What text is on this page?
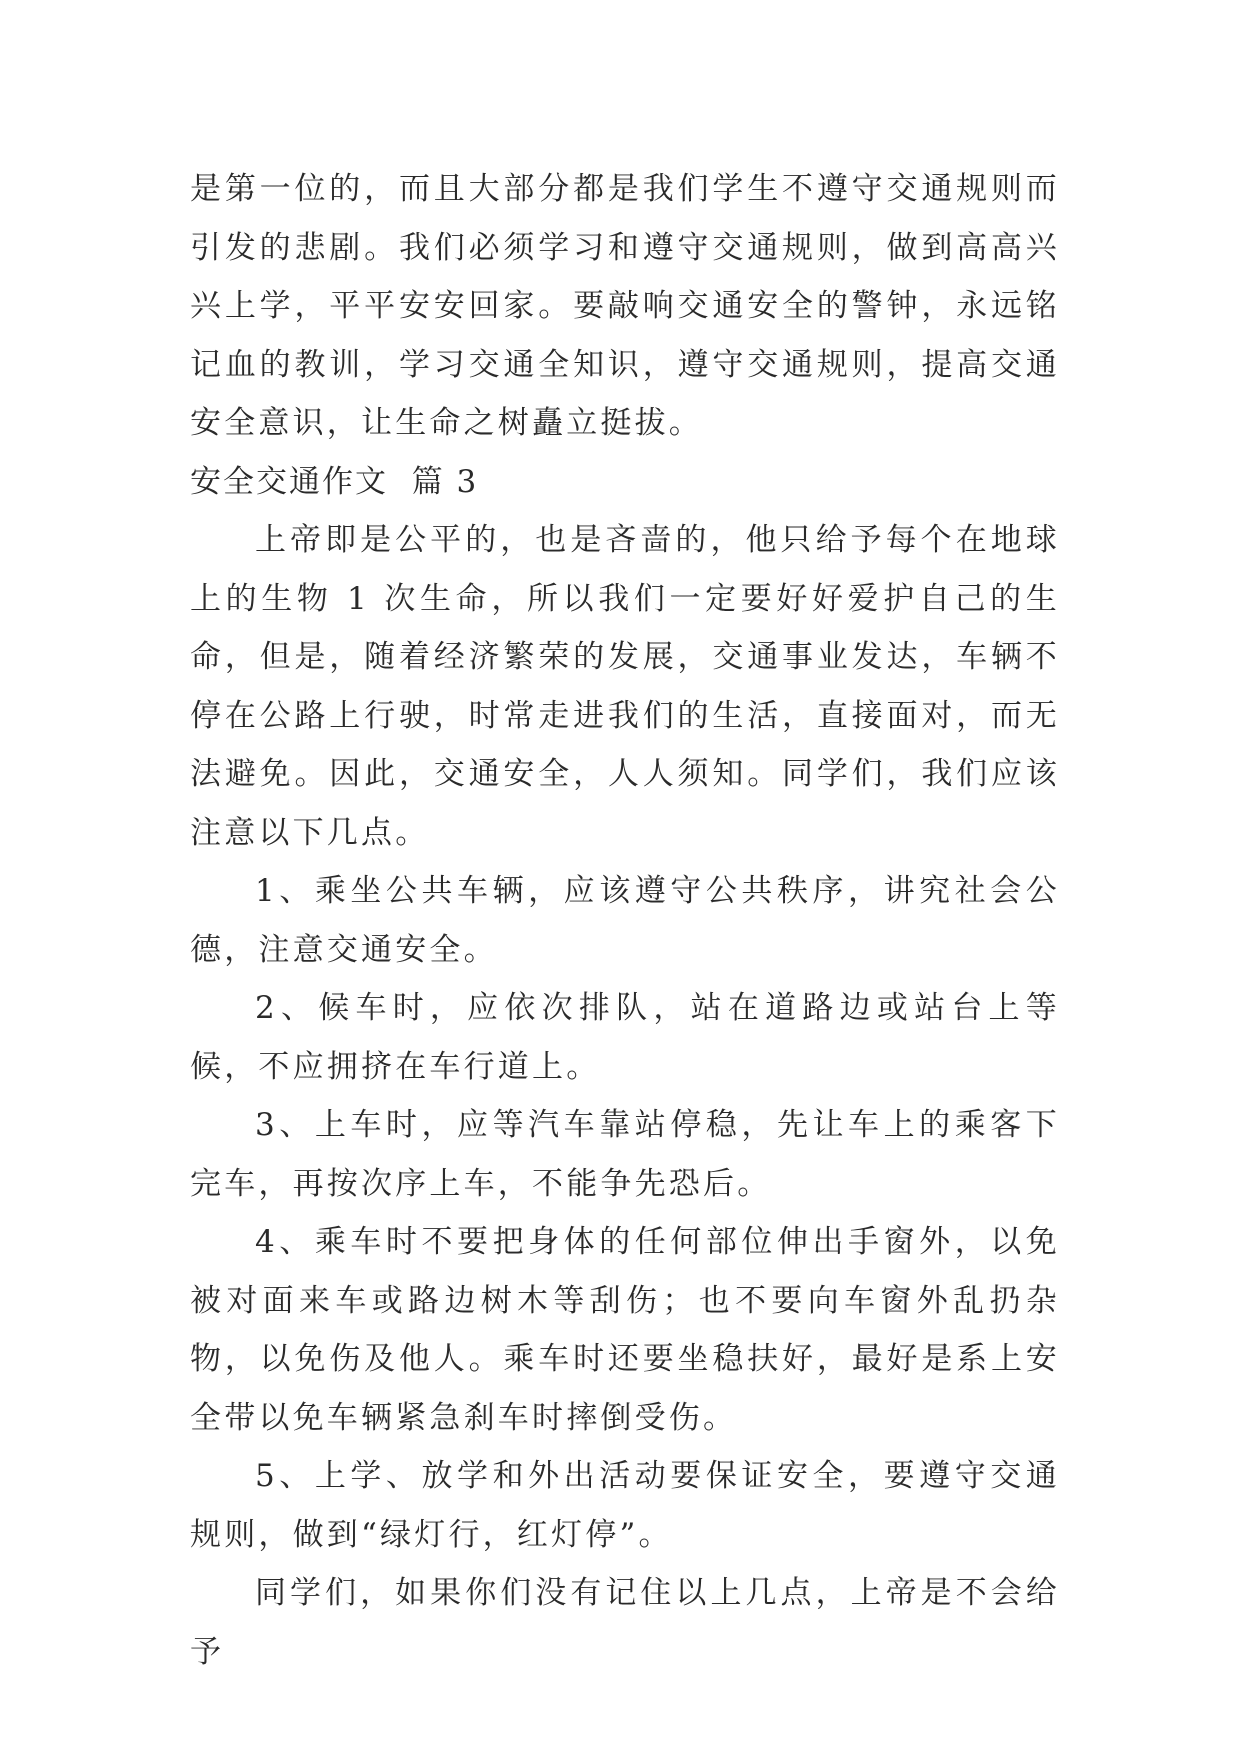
是第一位的，而且大部分都是我们学生不遵守交通规则而引发的悲剧。我们必须学习和遵守交通规则，做到高高兴兴上学，平平安安回家。要敲响交通安全的警钟，永远铭记血的教训，学习交通全知识，遵守交通规则，提高交通安全意识，让生命之树矗立挺拔。

安全交通作文  篇 3

上帝即是公平的，也是吝啬的，他只给予每个在地球上的生物 1 次生命，所以我们一定要好好爱护自己的生命，但是，随着经济繁荣的发展，交通事业发达，车辆不停在公路上行驶，时常走进我们的生活，直接面对，而无法避免。因此，交通安全，人人须知。同学们，我们应该注意以下几点。

1、乘坐公共车辆，应该遵守公共秩序，讲究社会公德，注意交通安全。

2、候车时，应依次排队，站在道路边或站台上等候，不应拥挤在车行道上。

3、上车时，应等汽车靠站停稳，先让车上的乘客下完车，再按次序上车，不能争先恐后。

4、乘车时不要把身体的任何部位伸出手窗外，以免被对面来车或路边树木等刮伤；也不要向车窗外乱扔杂物，以免伤及他人。乘车时还要坐稳扶好，最好是系上安全带以免车辆紧急刹车时摔倒受伤。

5、上学、放学和外出活动要保证安全，要遵守交通规则，做到“绿灯行，红灯停”。

同学们，如果你们没有记住以上几点，上帝是不会给予
